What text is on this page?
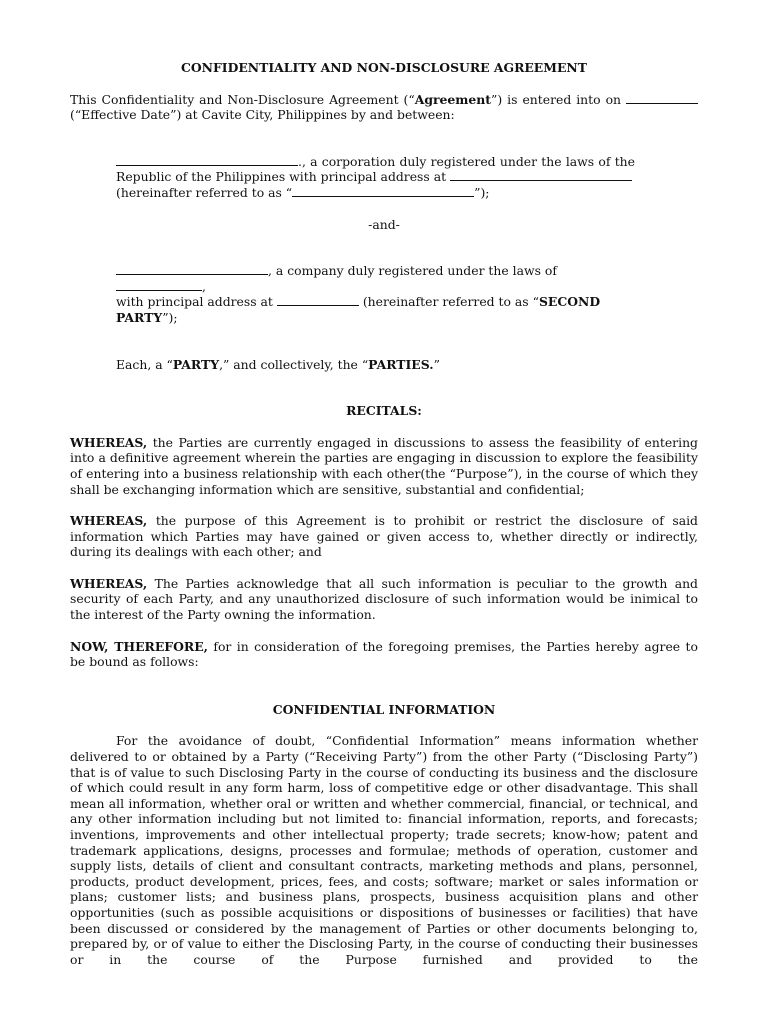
CONFIDENTIALITY AND NON-DISCLOSURE AGREEMENT

This Confidentiality and Non-Disclosure Agreement (“Agreement”) is entered into on

(“Effective Date”) at Cavite City, Philippines by and between:

., a corporation duly registered under the laws of the

Republic of the Philippines with principal address at

(hereinafter referred to as “	”);

-and-

, a company duly registered under the laws of ,

with principal address at	(hereinafter referred to as “SECOND PARTY”);

Each, a “PARTY,” and collectively, the “PARTIES.”

RECITALS:

WHEREAS, the Parties are currently engaged in discussions to assess the feasibility of entering into a definitive agreement wherein the parties are engaging in discussion to explore the feasibility of entering into a business relationship with each other(the “Purpose”), in the course of which they shall be exchanging information which are sensitive, substantial and confidential;

WHEREAS, the purpose of this Agreement is to prohibit or restrict the disclosure of said information which Parties may have gained or given access to, whether directly or indirectly, during its dealings with each other; and

WHEREAS, The Parties acknowledge that all such information is peculiar to the growth and security of each Party, and any unauthorized disclosure of such information would be inimical to the interest of the Party owning the information.

NOW, THEREFORE, for in consideration of the foregoing premises, the Parties hereby agree to be bound as follows:

CONFIDENTIAL INFORMATION

For the avoidance of doubt, “Confidential Information” means information whether delivered to or obtained by a Party (“Receiving Party”) from the other Party (“Disclosing Party”) that is of value to such Disclosing Party in the course of conducting its business and the disclosure of which could result in any form harm, loss of competitive edge or other disadvantage. This shall mean all information, whether oral or written and whether commercial, financial, or technical, and any other information including but not limited to: financial information, reports, and forecasts; inventions, improvements and other intellectual property; trade secrets; know-how; patent and trademark applications, designs, processes and formulae; methods of operation, customer and supply lists, details of client and consultant contracts, marketing methods and plans, personnel, products, product development, prices, fees, and costs; software; market or sales information or plans; customer lists; and business plans, prospects, business acquisition plans and other opportunities (such as possible acquisitions or dispositions of businesses or facilities) that have been discussed or considered by the management of Parties or other documents belonging to, prepared by, or of value to either the Disclosing Party, in the course of conducting their businesses or in the course of the Purpose furnished and provided to the
